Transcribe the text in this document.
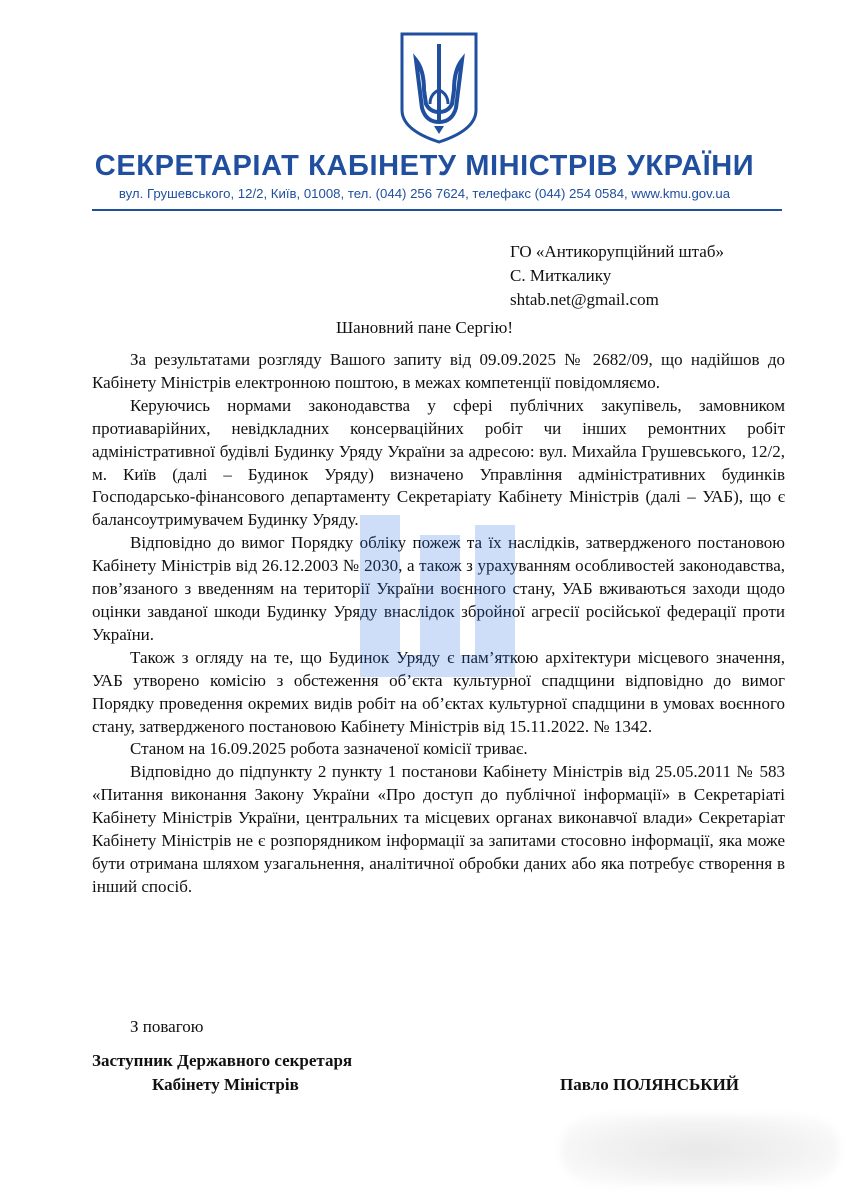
СЕКРЕТАРІАТ КАБІНЕТУ МІНІСТРІВ УКРАЇНИ
вул. Грушевського, 12/2, Київ, 01008, тел. (044) 256 7624, телефакс (044) 254 0584, www.kmu.gov.ua
ГО «Антикорупційний штаб»
С. Миткалику
shtab.net@gmail.com
Шановний пане Сергію!

За результатами розгляду Вашого запиту від 09.09.2025 № 2682/09, що надійшов до Кабінету Міністрів електронною поштою, в межах компетенції повідомляємо.

Керуючись нормами законодавства у сфері публічних закупівель, замовником протиаварійних, невідкладних консерваційних робіт чи інших ремонтних робіт адміністративної будівлі Будинку Уряду України за адресою: вул. Михайла Грушевського, 12/2, м. Київ (далі – Будинок Уряду) визначено Управління адміністративних будинків Господарсько-фінансового департаменту Секретаріату Кабінету Міністрів (далі – УАБ), що є балансоутримувачем Будинку Уряду.

Відповідно до вимог Порядку обліку пожеж та їх наслідків, затвердженого постановою Кабінету Міністрів від 26.12.2003 № 2030, а також з урахуванням особливостей законодавства, пов’язаного з введенням на території України воєнного стану, УАБ вживаються заходи щодо оцінки завданої шкоди Будинку Уряду внаслідок збройної агресії російської федерації проти України.

Також з огляду на те, що Будинок Уряду є пам’яткою архітектури місцевого значення, УАБ утворено комісію з обстеження об’єкта культурної спадщини відповідно до вимог Порядку проведення окремих видів робіт на об’єктах культурної спадщини в умовах воєнного стану, затвердженого постановою Кабінету Міністрів від 15.11.2022. № 1342.

Станом на 16.09.2025 робота зазначеної комісії триває.

Відповідно до підпункту 2 пункту 1 постанови Кабінету Міністрів від 25.05.2011 № 583 «Питання виконання Закону України «Про доступ до публічної інформації» в Секретаріаті Кабінету Міністрів України, центральних та місцевих органах виконавчої влади» Секретаріат Кабінету Міністрів не є розпорядником інформації за запитами стосовно інформації, яка може бути отримана шляхом узагальнення, аналітичної обробки даних або яка потребує створення в інший спосіб.

З повагою
Заступник Державного секретаря
Кабінету Міністрів	Павло ПОЛЯНСЬКИЙ
